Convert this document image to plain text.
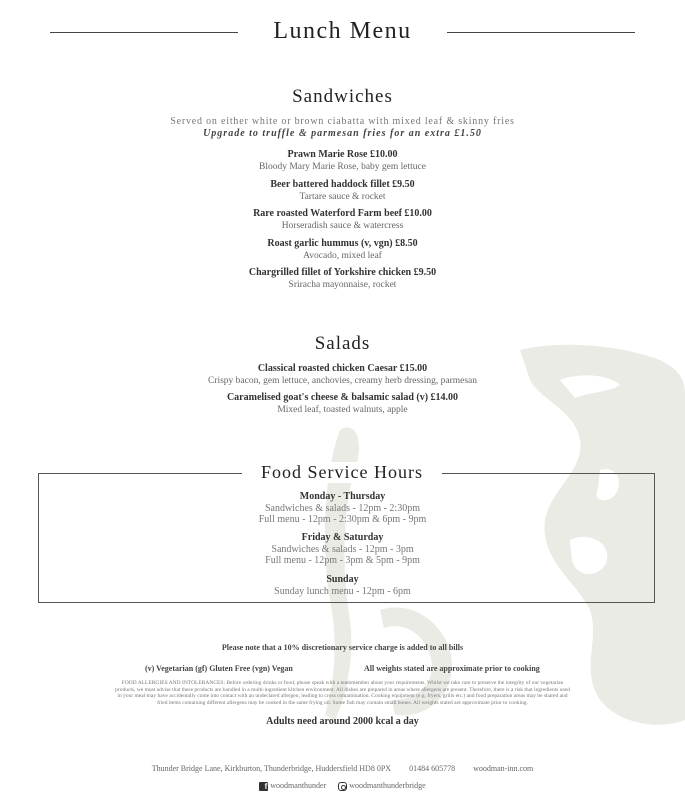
Lunch Menu
Sandwiches
Served on either white or brown ciabatta with mixed leaf & skinny fries
Upgrade to truffle & parmesan fries for an extra £1.50
Prawn Marie Rose £10.00
Bloody Mary Marie Rose, baby gem lettuce
Beer battered haddock fillet £9.50
Tartare sauce & rocket
Rare roasted Waterford Farm beef £10.00
Horseradish sauce & watercress
Roast garlic hummus (v, vgn) £8.50
Avocado, mixed leaf
Chargrilled fillet of Yorkshire chicken £9.50
Sriracha mayonnaise, rocket
Salads
Classical roasted chicken Caesar £15.00
Crispy bacon, gem lettuce, anchovies, creamy herb dressing, parmesan
Caramelised goat's cheese & balsamic salad (v) £14.00
Mixed leaf, toasted walnuts, apple
Food Service Hours
Monday - Thursday
Sandwiches & salads - 12pm - 2:30pm
Full menu - 12pm - 2:30pm & 6pm - 9pm
Friday & Saturday
Sandwiches & salads - 12pm - 3pm
Full menu - 12pm - 3pm & 5pm - 9pm
Sunday
Sunday lunch menu - 12pm - 6pm
Please note that a 10% discretionary service charge is added to all bills
(v) Vegetarian (gf) Gluten Free (vgn) Vegan	All weights stated are approximate prior to cooking
FOOD ALLERGIES AND INTOLERANCES: Before ordering drinks or food, please speak with a teammember about your requirements. Whilst we take care to preserve the integrity of our vegetarian
products, we must advise that these products are handled in a multi-ingredient kitchen environment. All dishes are prepared in areas where allergens are present. Therefore, there is a risk that ingredients used
in your meal may have accidentally come into contact with an undeclared allergen, leading to cross contamination. Cooking equipment (e.g. fryers, grills etc.) and food preparation areas may be shared and
fried items containing different allergens may be cooked in the same frying oil. Some fish may contain small bones. All weights stated are approximate prior to cooking.
Adults need around 2000 kcal a day
Thunder Bridge Lane, Kirkburton, Thunderbridge, Huddersfield HD8 0PX 01484 605778 woodman-inn.com
f woodmanthunder	woodmanthunderbridge
